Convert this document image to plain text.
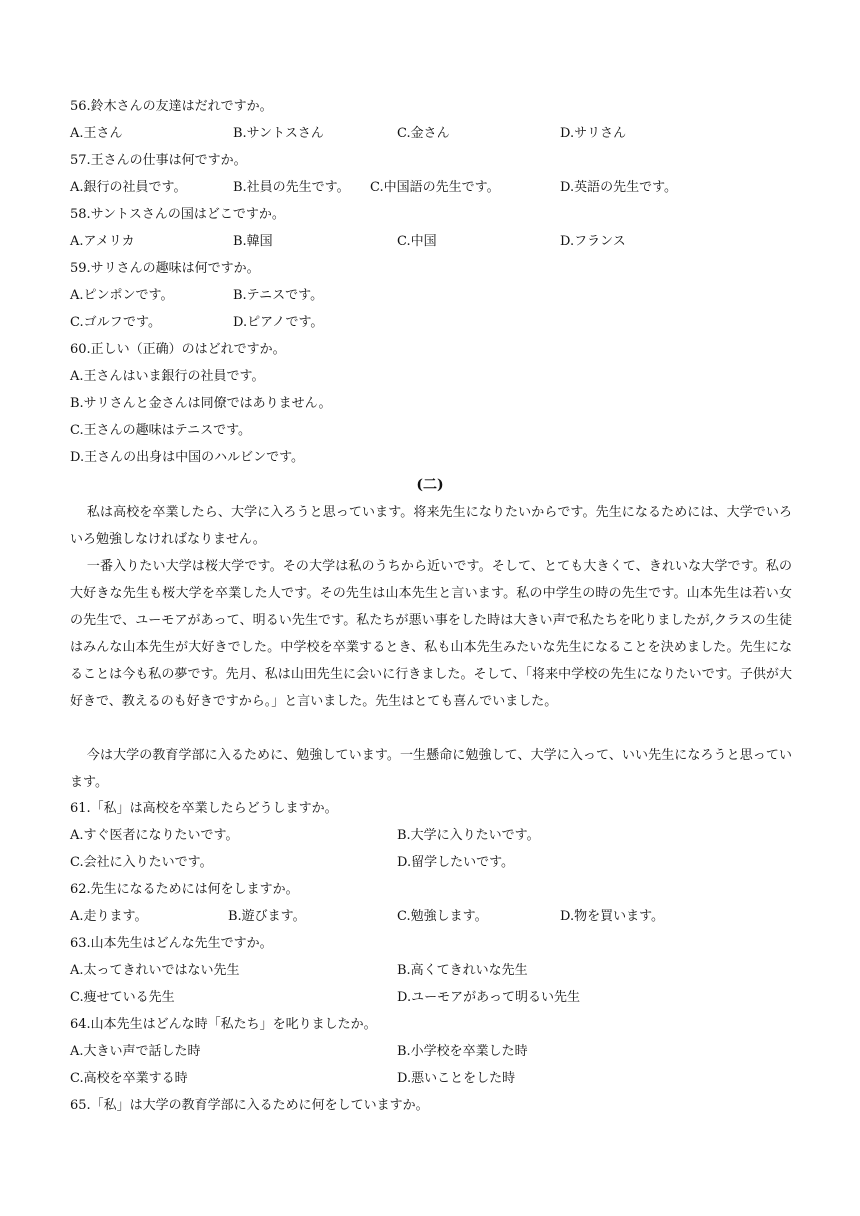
56.鈴木さんの友達はだれですか。
A.王さん	B.サントスさん	C.金さん	D.サリさん
57.王さんの仕事は何ですか。
A.銀行の社員です。	B.社員の先生です。 C.中国語の先生です。	D.英語の先生です。
58.サントスさんの国はどこですか。
A.アメリカ	B.韓国	C.中国	D.フランス
59.サリさんの趣味は何ですか。
A.ピンポンです。	B.テニスです。
C.ゴルフです。	D.ピアノです。
60.正しい（正确）のはどれですか。
A.王さんはいま銀行の社員です。
B.サリさんと金さんは同僚ではありません。
C.王さんの趣味はテニスです。
D.王さんの出身は中国のハルビンです。
(二)
私は高校を卒業したら、大学に入ろうと思っています。将来先生になりたいからです。先生になるためには、大学でいろいろ勉強しなければなりません。
一番入りたい大学は桜大学です。その大学は私のうちから近いです。そして、とても大きくて、きれいな大学です。私の大好きな先生も桜大学を卒業した人です。その先生は山本先生と言います。私の中学生の時の先生です。山本先生は若い女の先生で、ユーモアがあって、明るい先生です。私たちが悪い事をした時は大きい声で私たちを叱りましたが,クラスの生徒はみんな山本先生が大好きでした。中学校を卒業するとき、私も山本先生みたいな先生になることを決めました。先生になることは今も私の夢です。先月、私は山田先生に会いに行きました。そして、「将来中学校の先生になりたいです。子供が大好きで、教えるのも好きですから。」と言いました。先生はとても喜んでいました。
今は大学の教育学部に入るために、勉強しています。一生懸命に勉強して、大学に入って、いい先生になろうと思っています。
61.「私」は高校を卒業したらどうしますか。
A.すぐ医者になりたいです。	B.大学に入りたいです。
C.会社に入りたいです。	D.留学したいです。
62.先生になるためには何をしますか。
A.走ります。	B.遊びます。	C.勉強します。	D.物を買います。
63.山本先生はどんな先生ですか。
A.太ってきれいではない先生	B.高くてきれいな先生
C.痩せている先生	D.ユーモアがあって明るい先生
64.山本先生はどんな時「私たち」を叱りましたか。
A.大きい声で話した時	B.小学校を卒業した時
C.高校を卒業する時	D.悪いことをした時
65.「私」は大学の教育学部に入るために何をしていますか。
